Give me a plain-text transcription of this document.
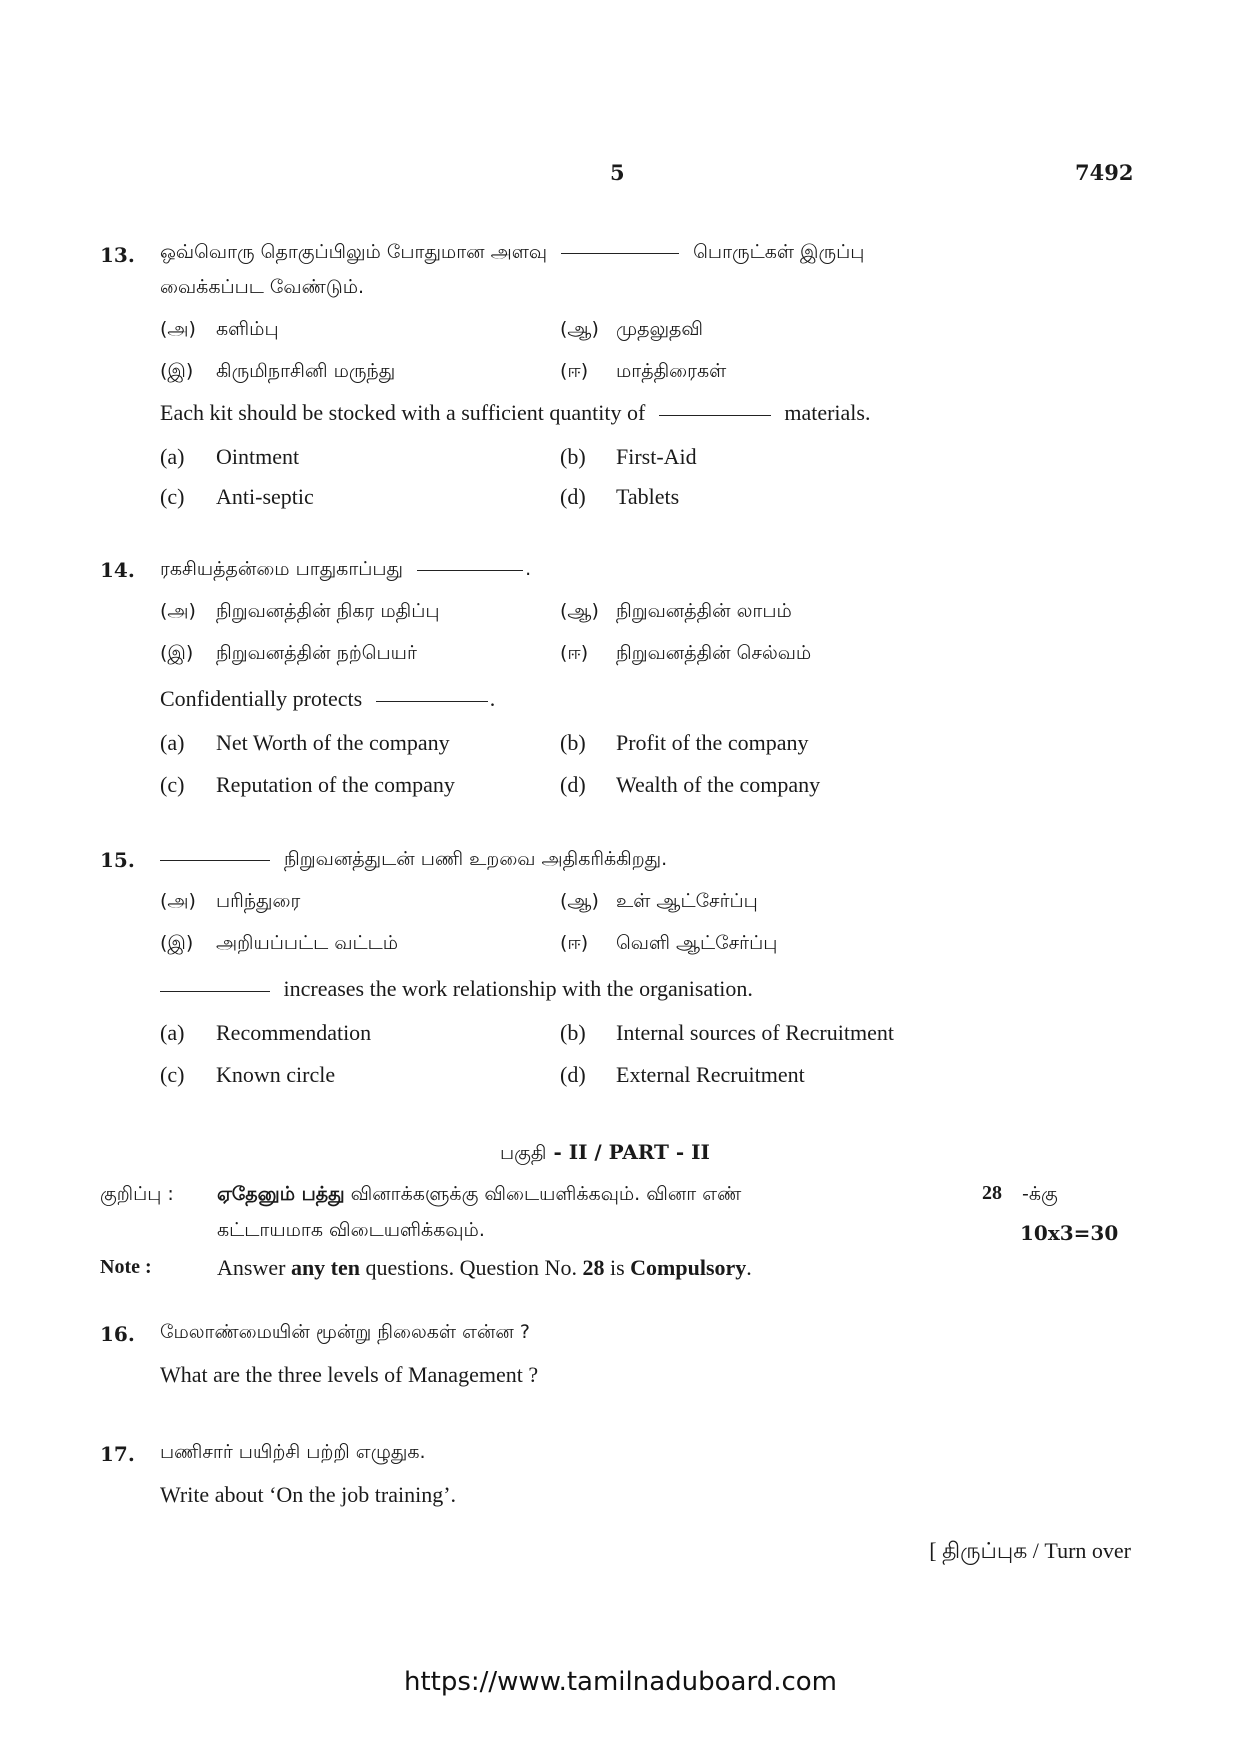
5	7492
13. ஒவ்வொரு தொகுப்பிலும் போதுமான அளவு	பொருட்கள் இருப்பு
வைக்கப்பட வேண்டும்.
(அ) களிம்பு	(ஆ) முதலுதவி
(இ) கிருமிநாசினி மருந்து	(ஈ) மாத்திரைகள்
Each kit should be stocked with a sufficient quantity of	materials.
(a) Ointment	(b) First-Aid
(c) Anti-septic	(d) Tablets
14. ரகசியத்தன்மை பாதுகாப்பது	.
(அ) நிறுவனத்தின் நிகர மதிப்பு	(ஆ) நிறுவனத்தின் லாபம்
(இ) நிறுவனத்தின் நற்பெயர்	(ஈ) நிறுவனத்தின் செல்வம்
Confidentially protects	.
(a) Net Worth of the company	(b) Profit of the company
(c) Reputation of the company	(d) Wealth of the company
15.	நிறுவனத்துடன் பணி உறவை அதிகரிக்கிறது.
(அ) பரிந்துரை	(ஆ) உள் ஆட்சேர்ப்பு
(இ) அறியப்பட்ட வட்டம்	(ஈ) வெளி ஆட்சேர்ப்பு
increases the work relationship with the organisation.
(a) Recommendation	(b) Internal sources of Recruitment
(c) Known circle	(d) External Recruitment
பகுதி - II / PART - II
குறிப்பு : ஏதேனும் பத்து வினாக்களுக்கு விடையளிக்கவும். வினா எண்	28 -க்கு
கட்டாயமாக விடையளிக்கவும்.	10x3=30
Note :	Answer any ten questions. Question No. 28 is Compulsory.
16. மேலாண்மையின் மூன்று நிலைகள் என்ன ?
What are the three levels of Management ?
17. பணிசார் பயிற்சி பற்றி எழுதுக.
Write about ‘On the job training’.
[ திருப்புக / Turn over
https://www.tamilnaduboard.com
